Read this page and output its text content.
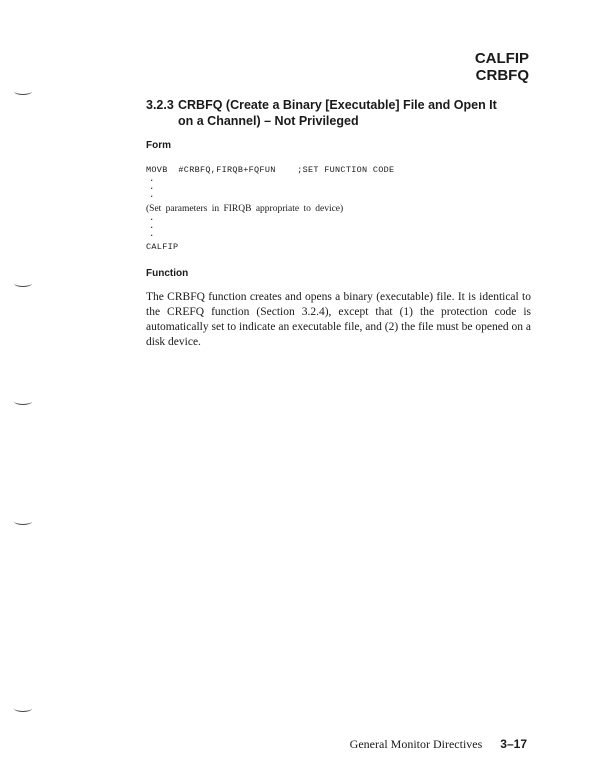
CALFIP
CRBFQ
3.2.3 CRBFQ (Create a Binary [Executable] File and Open It
on a Channel) – Not Privileged
Form
MOVB  #CRBFQ,FIRQB+FQFUN    ;SET FUNCTION CODE
.
.
.
(Set parameters in FIRQB appropriate to device)
.
.
.
CALFIP
Function
The CRBFQ function creates and opens a binary (executable) file. It is identical to the CREFQ function (Section 3.2.4), except that (1) the protection code is automatically set to indicate an executable file, and (2) the file must be opened on a disk device.
General Monitor Directives 3–17
